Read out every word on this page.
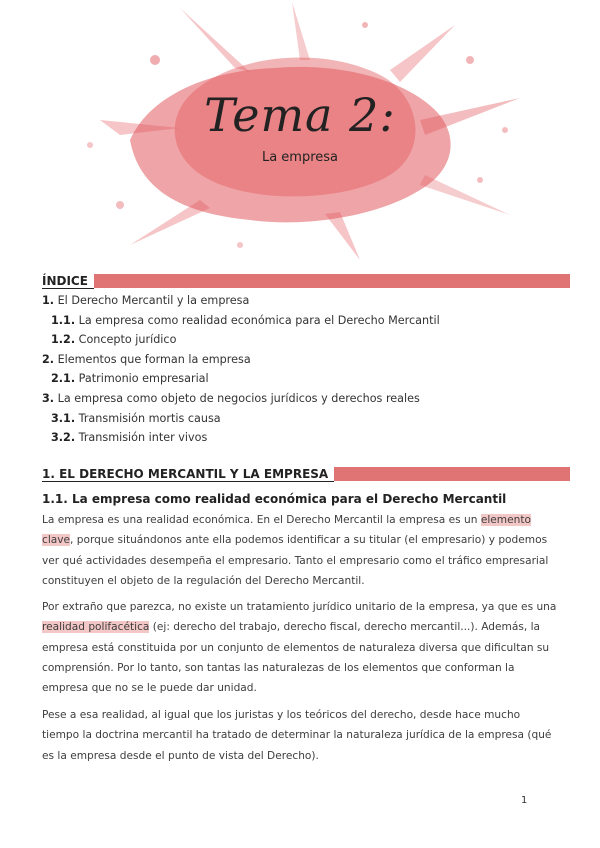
Tema 2:
La empresa
ÍNDICE
1. El Derecho Mercantil y la empresa
1.1. La empresa como realidad económica para el Derecho Mercantil
1.2. Concepto jurídico
2. Elementos que forman la empresa
2.1. Patrimonio empresarial
3. La empresa como objeto de negocios jurídicos y derechos reales
3.1. Transmisión mortis causa
3.2. Transmisión inter vivos
1. EL DERECHO MERCANTIL Y LA EMPRESA
1.1. La empresa como realidad económica para el Derecho Mercantil
La empresa es una realidad económica. En el Derecho Mercantil la empresa es un elemento clave, porque situándonos ante ella podemos identificar a su titular (el empresario) y podemos ver qué actividades desempeña el empresario. Tanto el empresario como el tráfico empresarial constituyen el objeto de la regulación del Derecho Mercantil.
Por extraño que parezca, no existe un tratamiento jurídico unitario de la empresa, ya que es una realidad polifacética (ej: derecho del trabajo, derecho fiscal, derecho mercantil...). Además, la empresa está constituida por un conjunto de elementos de naturaleza diversa que dificultan su comprensión. Por lo tanto, son tantas las naturalezas de los elementos que conforman la empresa que no se le puede dar unidad.
Pese a esa realidad, al igual que los juristas y los teóricos del derecho, desde hace mucho tiempo la doctrina mercantil ha tratado de determinar la naturaleza jurídica de la empresa (qué es la empresa desde el punto de vista del Derecho).
1
